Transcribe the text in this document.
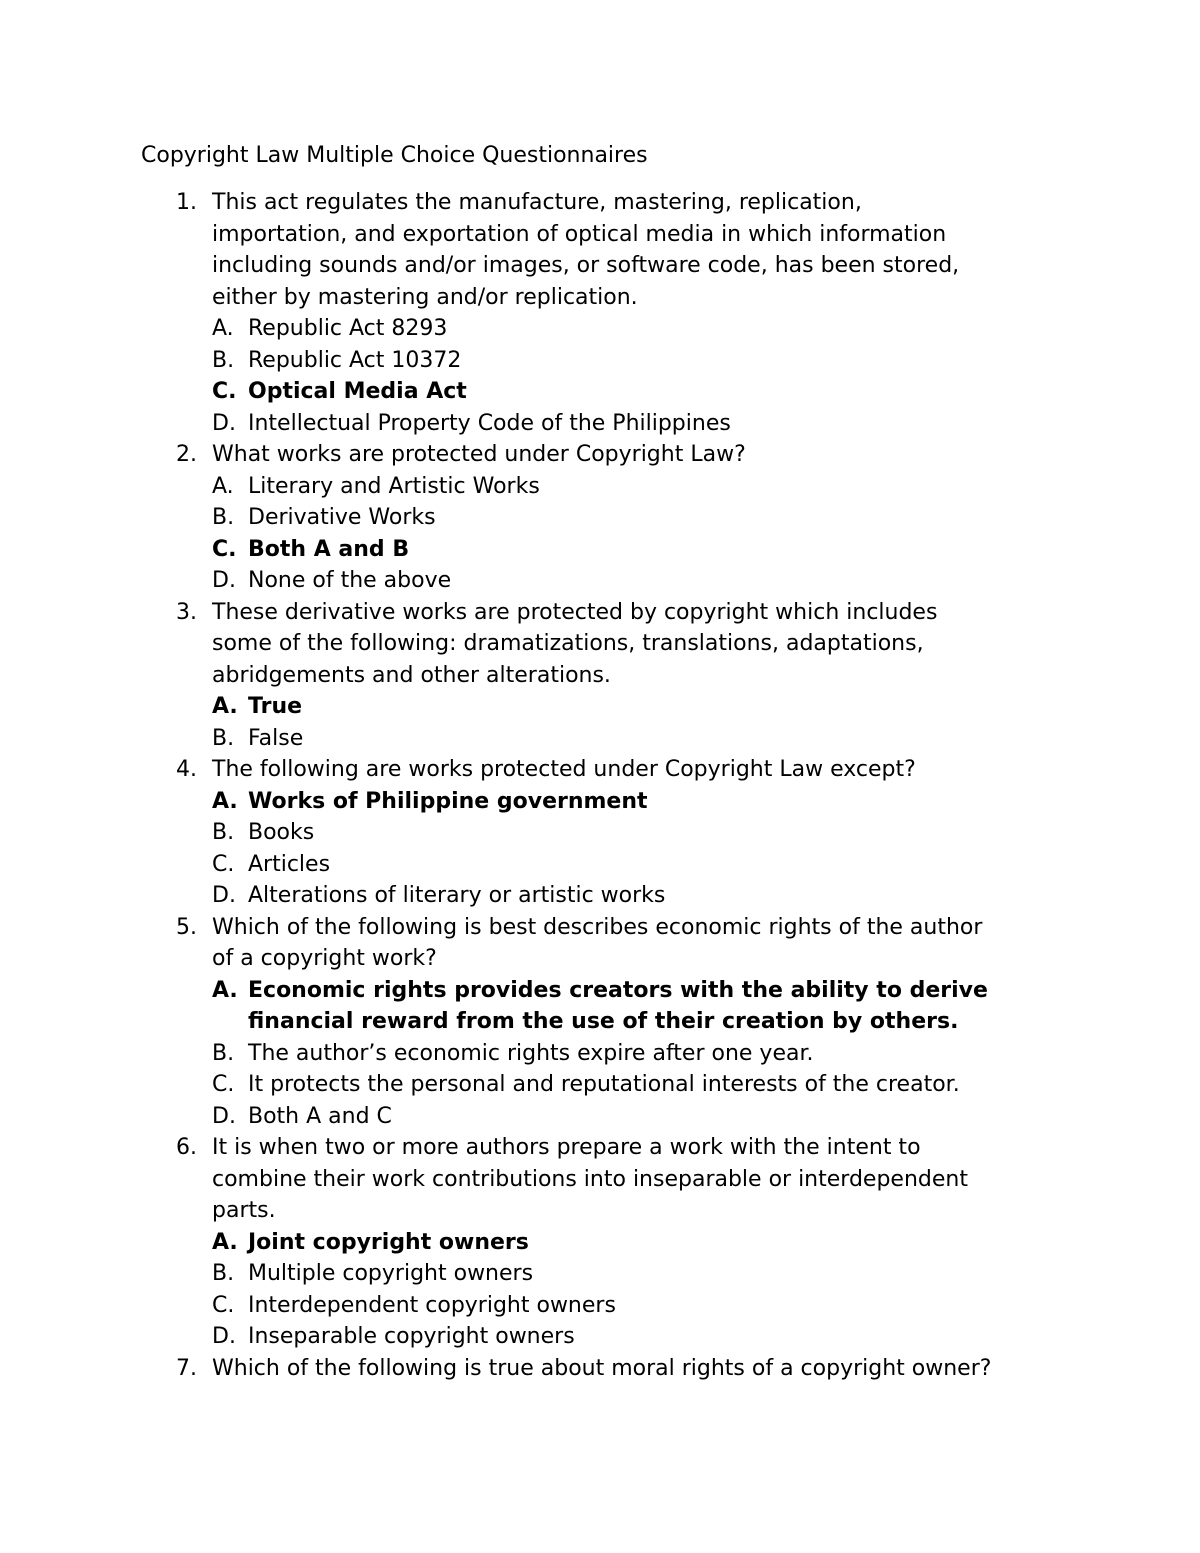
Copyright Law Multiple Choice Questionnaires
1. This act regulates the manufacture, mastering, replication,
importation, and exportation of optical media in which information
including sounds and/or images, or software code, has been stored,
either by mastering and/or replication.
A. Republic Act 8293
B. Republic Act 10372
C. Optical Media Act
D. Intellectual Property Code of the Philippines
2. What works are protected under Copyright Law?
A. Literary and Artistic Works
B. Derivative Works
C. Both A and B
D. None of the above
3. These derivative works are protected by copyright which includes
some of the following: dramatizations, translations, adaptations,
abridgements and other alterations.
A. True
B. False
4. The following are works protected under Copyright Law except?
A. Works of Philippine government
B. Books
C. Articles
D. Alterations of literary or artistic works
5. Which of the following is best describes economic rights of the author
of a copyright work?
A. Economic rights provides creators with the ability to derive
financial reward from the use of their creation by others.
B. The author’s economic rights expire after one year.
C. It protects the personal and reputational interests of the creator.
D. Both A and C
6. It is when two or more authors prepare a work with the intent to
combine their work contributions into inseparable or interdependent
parts.
A. Joint copyright owners
B. Multiple copyright owners
C. Interdependent copyright owners
D. Inseparable copyright owners
7. Which of the following is true about moral rights of a copyright owner?
